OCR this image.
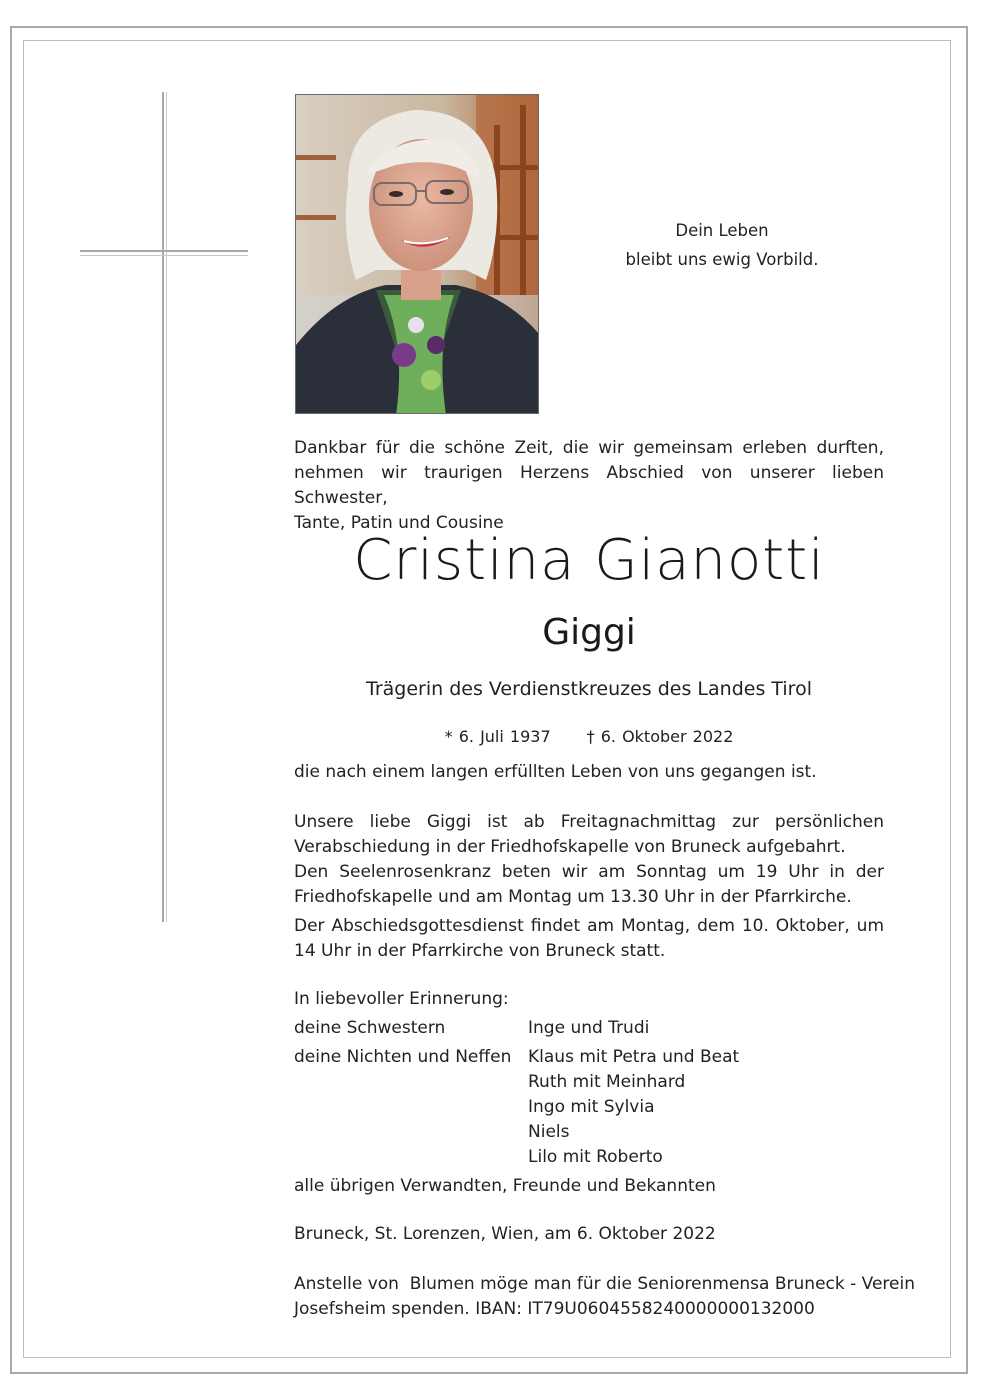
Dein Leben
bleibt uns ewig Vorbild.
Dankbar für die schöne Zeit, die wir gemeinsam erleben durften,
nehmen wir traurigen Herzens Abschied von unserer lieben Schwester,
Tante, Patin und Cousine
Cristina Gianotti
Giggi
Trägerin des Verdienstkreuzes des Landes Tirol
* 6. Juli 1937 † 6. Oktober 2022
die nach einem langen erfüllten Leben von uns gegangen ist.
Unsere liebe Giggi ist ab Freitagnachmittag zur persönlichen
Verabschiedung in der Friedhofskapelle von Bruneck aufgebahrt.
Den Seelenrosenkranz beten wir am Sonntag um 19 Uhr in der
Friedhofskapelle und am Montag um 13.30 Uhr in der Pfarrkirche.
Der Abschiedsgottesdienst findet am Montag, dem 10. Oktober, um
14 Uhr in der Pfarrkirche von Bruneck statt.
In liebevoller Erinnerung:
deine Schwestern	Inge und Trudi
deine Nichten und Neffen Klaus mit Petra und Beat
Ruth mit Meinhard
Ingo mit Sylvia
Niels
Lilo mit Roberto
alle übrigen Verwandten, Freunde und Bekannten
Bruneck, St. Lorenzen, Wien, am 6. Oktober 2022
Anstelle von  Blumen möge man für die Seniorenmensa Bruneck - Verein
Josefsheim spenden. IBAN: IT79U0604558240000000132000
